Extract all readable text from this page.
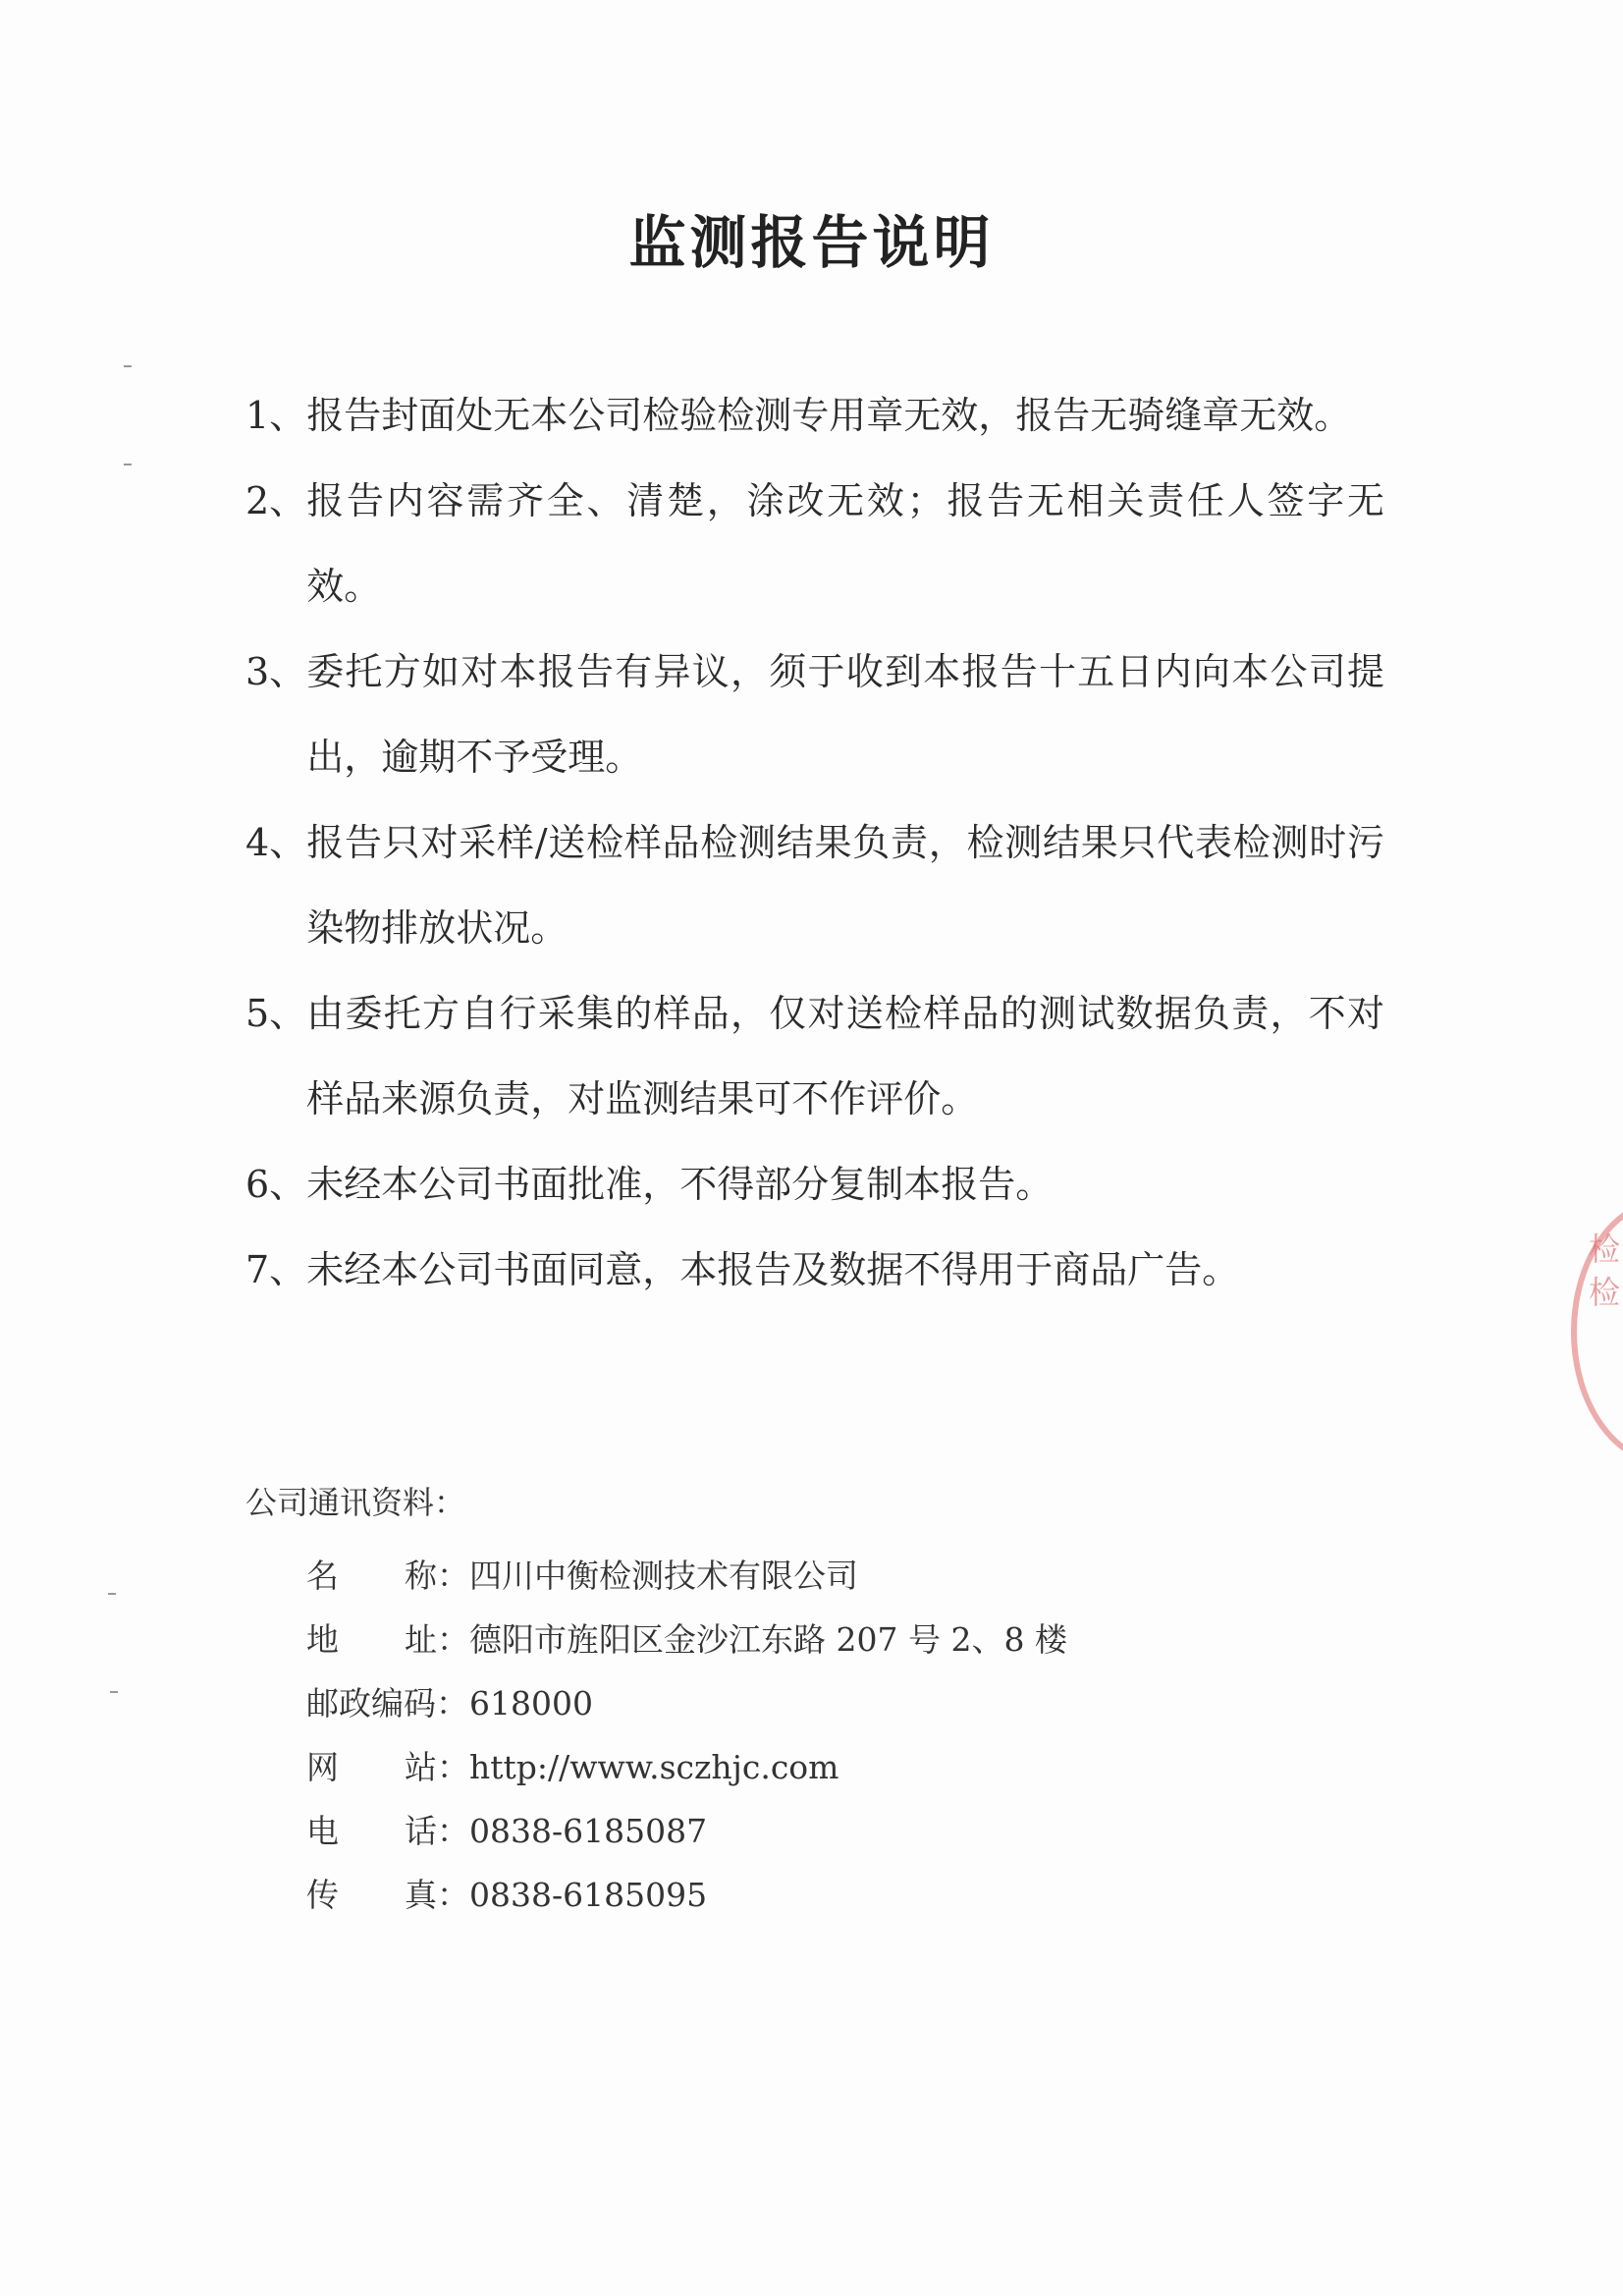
监测报告说明
1、 报告封面处无本公司检验检测专用章无效，报告无骑缝章无效。
2、 报告内容需齐全、清楚，涂改无效；报告无相关责任人签字无效。
3、 委托方如对本报告有异议，须于收到本报告十五日内向本公司提出，逾期不予受理。
4、 报告只对采样/送检样品检测结果负责，检测结果只代表检测时污染物排放状况。
5、 由委托方自行采集的样品，仅对送检样品的测试数据负责，不对样品来源负责，对监测结果可不作评价。
6、 未经本公司书面批准，不得部分复制本报告。
7、 未经本公司书面同意，本报告及数据不得用于商品广告。
公司通讯资料：
名 称： 四川中衡检测技术有限公司
地 址： 德阳市旌阳区金沙江东路 207 号 2、8 楼
邮政编码： 618000
网 站： http://www.sczhjc.com
电 话： 0838-6185087
传 真： 0838-6185095
检 检
